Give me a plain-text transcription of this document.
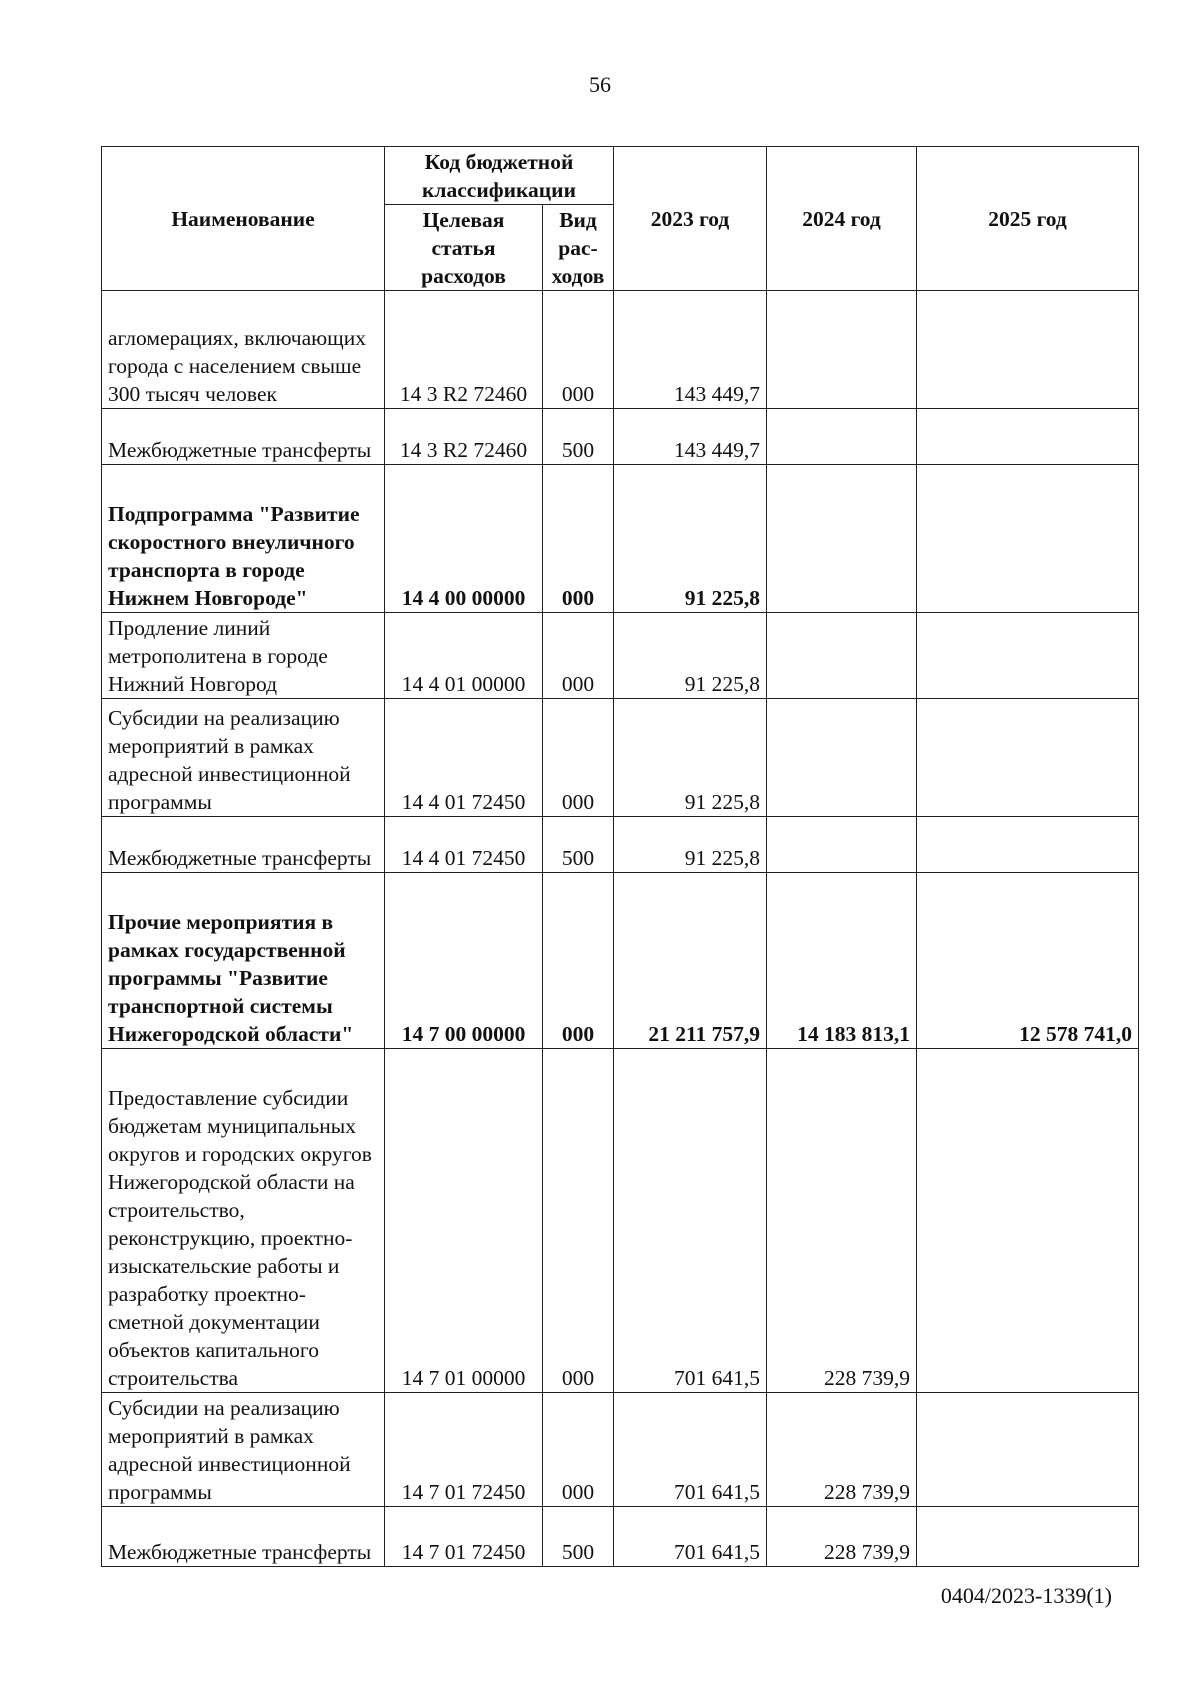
56
Наименование	Код бюджетной классификации		2023 год	2024 год	2025 год
	Целевая статья расходов	Вид рас-ходов			
агломерациях, включающих города с населением свыше 300 тысяч человек	14 3 R2 72460	000	143 449,7		
Межбюджетные трансферты	14 3 R2 72460	500	143 449,7		
Подпрограмма "Развитие скоростного внеуличного транспорта в городе Нижнем Новгороде"	14 4 00 00000	000	91 225,8		
Продление линий метрополитена в городе Нижний Новгород	14 4 01 00000	000	91 225,8		
Субсидии на реализацию мероприятий в рамках адресной инвестиционной программы	14 4 01 72450	000	91 225,8		
Межбюджетные трансферты	14 4 01 72450	500	91 225,8		
Прочие мероприятия в рамках государственной программы "Развитие транспортной системы Нижегородской области"	14 7 00 00000	000	21 211 757,9	14 183 813,1	12 578 741,0
Предоставление субсидии бюджетам муниципальных округов и городских округов Нижегородской области на строительство, реконструкцию, проектно-изыскательские работы и разработку проектно-сметной документации объектов капитального строительства	14 7 01 00000	000	701 641,5	228 739,9	
Субсидии на реализацию мероприятий в рамках адресной инвестиционной программы	14 7 01 72450	000	701 641,5	228 739,9	
Межбюджетные трансферты	14 7 01 72450	500	701 641,5	228 739,9	
0404/2023-1339(1)
